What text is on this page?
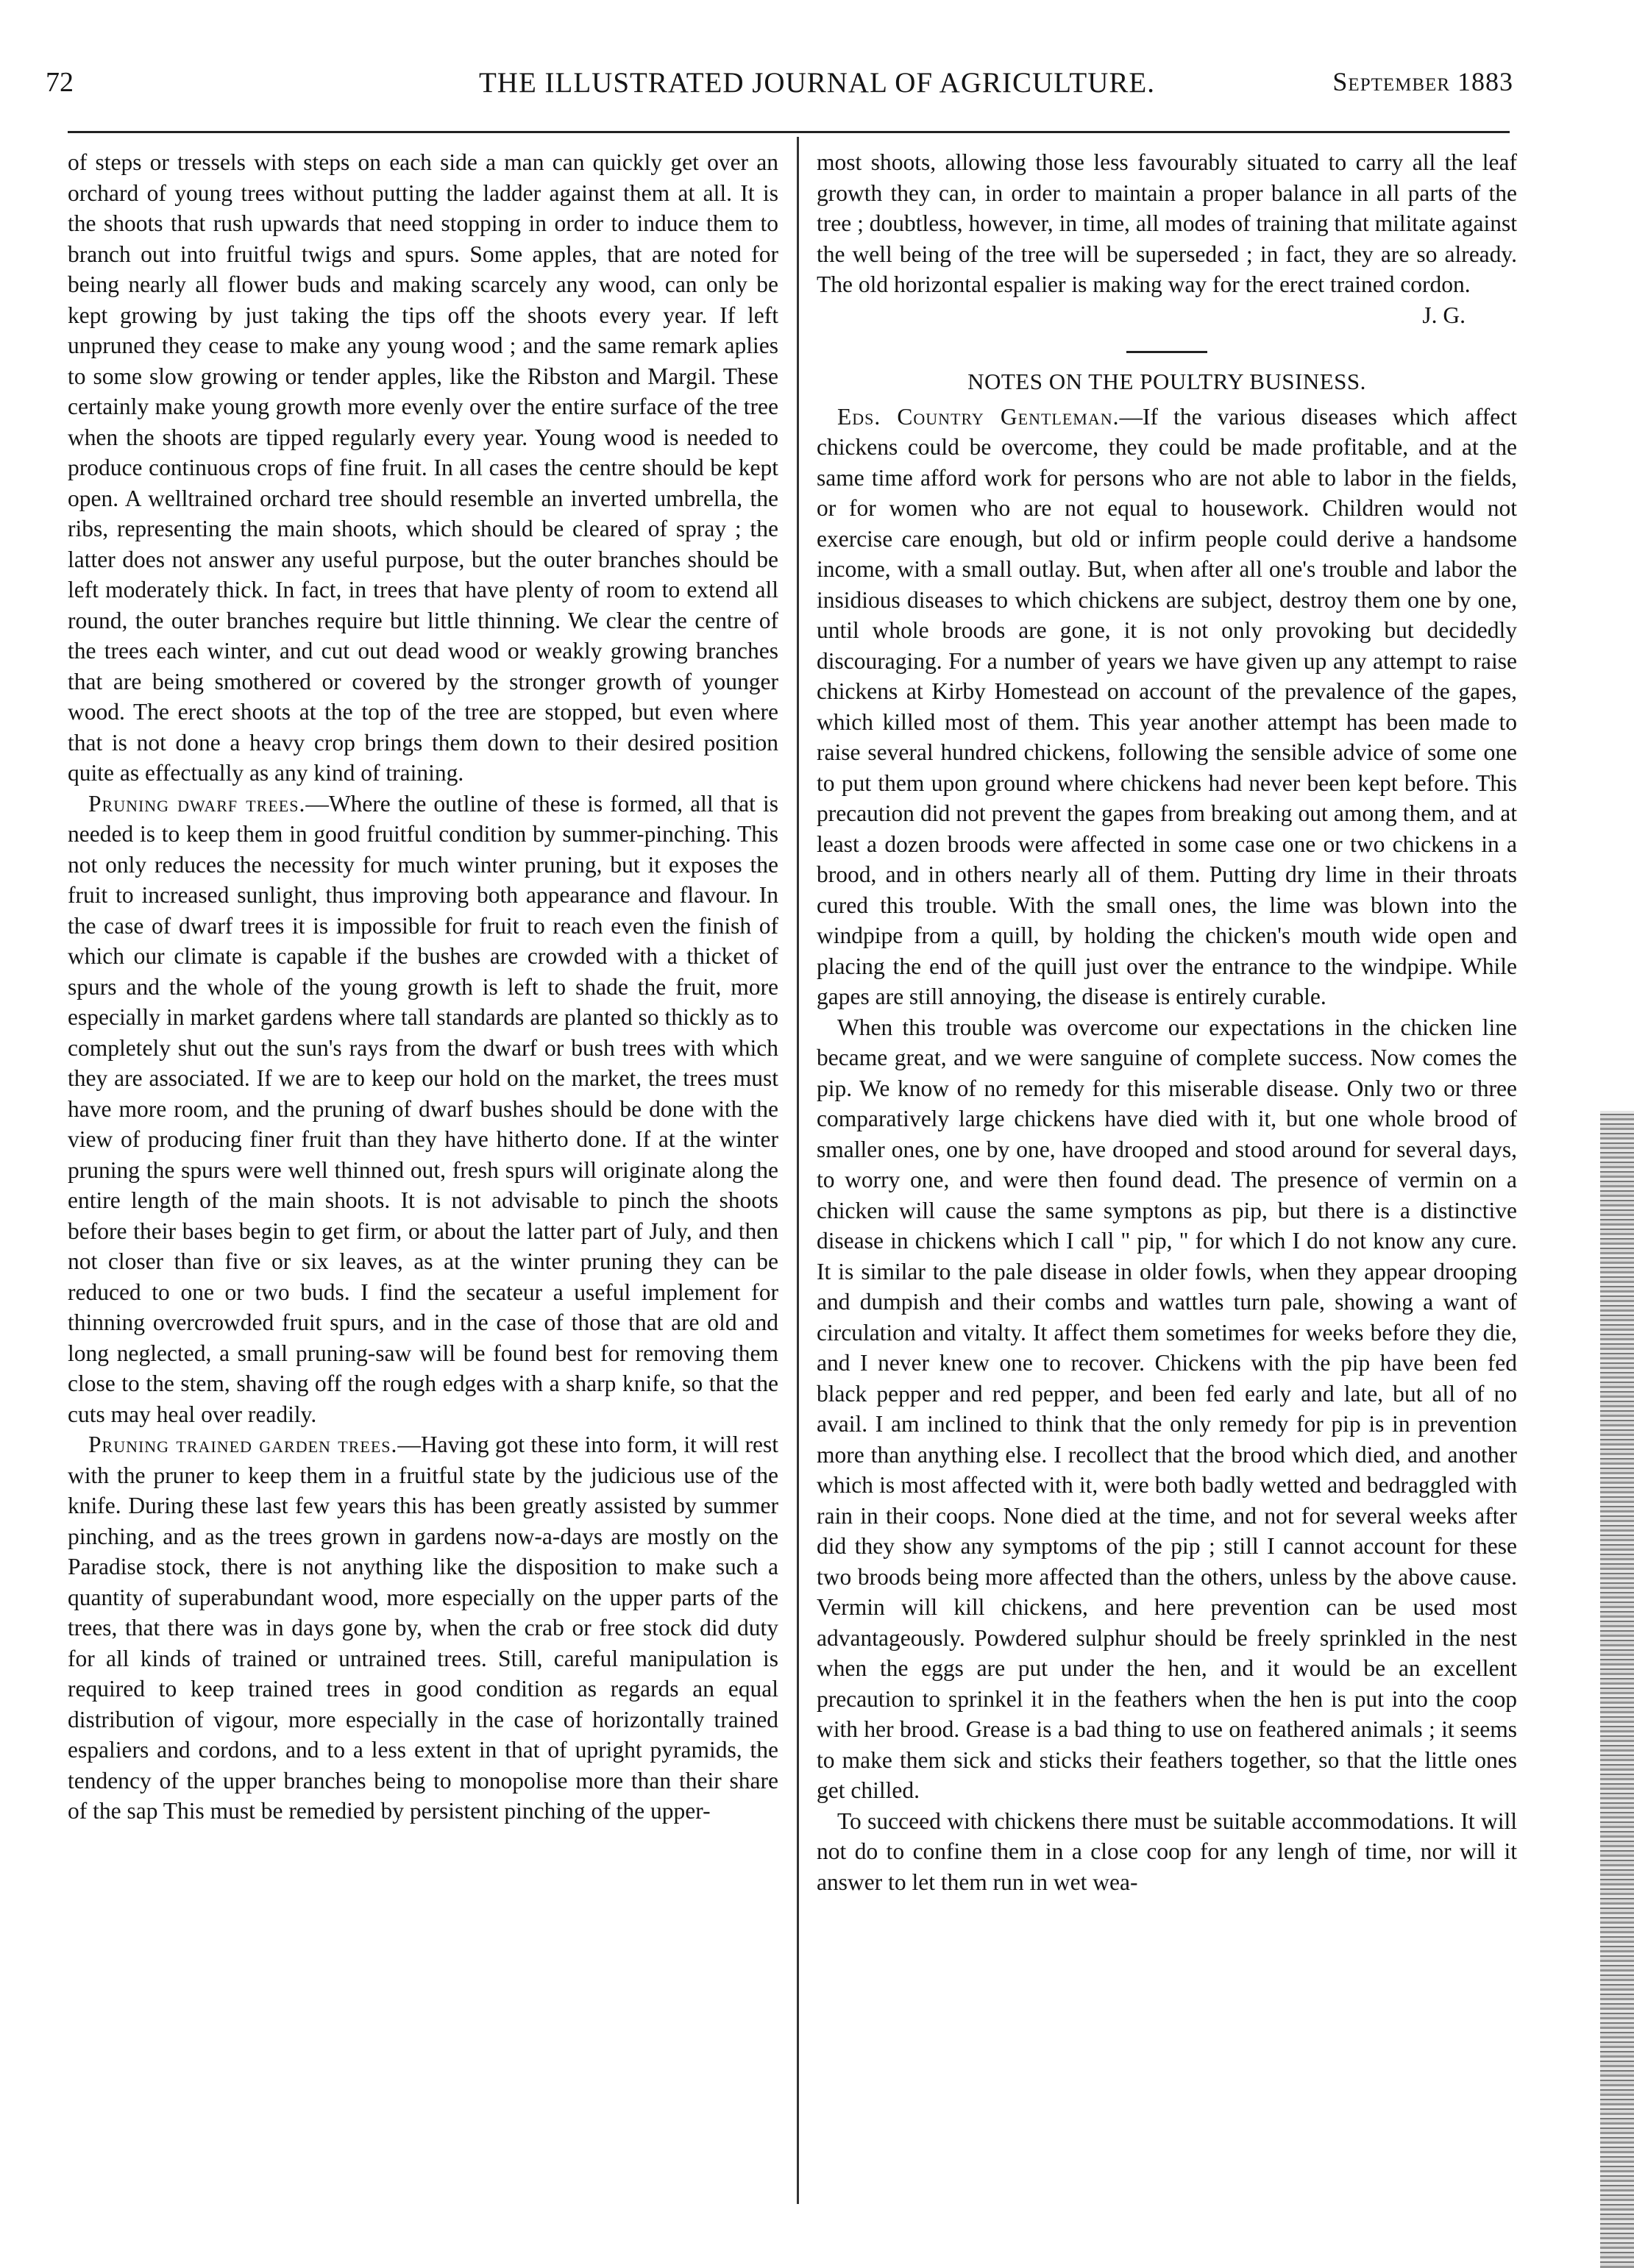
72	THE ILLUSTRATED JOURNAL OF AGRICULTURE.	September 1883

of steps or tressels with steps on each side a man can quickly get over an orchard of young trees without putting the ladder against them at all. It is the shoots that rush upwards that need stopping in order to induce them to branch out into fruitful twigs and spurs. Some apples, that are noted for being nearly all flower buds and making scarcely any wood, can only be kept growing by just taking the tips off the shoots every year. If left unpruned they cease to make any young wood ; and the same remark aplies to some slow growing or tender apples, like the Ribston and Margil. These certainly make young growth more evenly over the entire surface of the tree when the shoots are tipped regularly every year. Young wood is needed to produce continuous crops of fine fruit. In all cases the centre should be kept open. A welltrained orchard tree should resemble an inverted umbrella, the ribs, representing the main shoots, which should be cleared of spray ; the latter does not answer any useful purpose, but the outer branches should be left moderately thick. In fact, in trees that have plenty of room to extend all round, the outer branches require but little thinning. We clear the centre of the trees each winter, and cut out dead wood or weakly growing branches that are being smothered or covered by the stronger growth of younger wood. The erect shoots at the top of the tree are stopped, but even where that is not done a heavy crop brings them down to their desired position quite as effectually as any kind of training.

Pruning dwarf trees.—Where the outline of these is formed, all that is needed is to keep them in good fruitful condition by summer-pinching. This not only reduces the necessity for much winter pruning, but it exposes the fruit to increased sunlight, thus improving both appearance and flavour. In the case of dwarf trees it is impossible for fruit to reach even the finish of which our climate is capable if the bushes are crowded with a thicket of spurs and the whole of the young growth is left to shade the fruit, more especially in market gardens where tall standards are planted so thickly as to completely shut out the sun's rays from the dwarf or bush trees with which they are associated. If we are to keep our hold on the market, the trees must have more room, and the pruning of dwarf bushes should be done with the view of producing finer fruit than they have hitherto done. If at the winter pruning the spurs were well thinned out, fresh spurs will originate along the entire length of the main shoots. It is not advisable to pinch the shoots before their bases begin to get firm, or about the latter part of July, and then not closer than five or six leaves, as at the winter pruning they can be reduced to one or two buds. I find the secateur a useful implement for thinning overcrowded fruit spurs, and in the case of those that are old and long neglected, a small pruning-saw will be found best for removing them close to the stem, shaving off the rough edges with a sharp knife, so that the cuts may heal over readily.

Pruning trained garden trees.—Having got these into form, it will rest with the pruner to keep them in a fruitful state by the judicious use of the knife. During these last few years this has been greatly assisted by summer pinching, and as the trees grown in gardens now-a-days are mostly on the Paradise stock, there is not anything like the disposition to make such a quantity of superabundant wood, more especially on the upper parts of the trees, that there was in days gone by, when the crab or free stock did duty for all kinds of trained or untrained trees. Still, careful manipulation is required to keep trained trees in good condition as regards an equal distribution of vigour, more especially in the case of horizontally trained espaliers and cordons, and to a less extent in that of upright pyramids, the tendency of the upper branches being to monopolise more than their share of the sap This must be remedied by persistent pinching of the upper-

most shoots, allowing those less favourably situated to carry all the leaf growth they can, in order to maintain a proper balance in all parts of the tree ; doubtless, however, in time, all modes of training that militate against the well being of the tree will be superseded ; in fact, they are so already. The old horizontal espalier is making way for the erect trained cordon.

J. G.

NOTES ON THE POULTRY BUSINESS.

Eds. Country Gentleman.—If the various diseases which affect chickens could be overcome, they could be made profitable, and at the same time afford work for persons who are not able to labor in the fields, or for women who are not equal to housework. Children would not exercise care enough, but old or infirm people could derive a handsome income, with a small outlay. But, when after all one's trouble and labor the insidious diseases to which chickens are subject, destroy them one by one, until whole broods are gone, it is not only provoking but decidedly discouraging. For a number of years we have given up any attempt to raise chickens at Kirby Homestead on account of the prevalence of the gapes, which killed most of them. This year another attempt has been made to raise several hundred chickens, following the sensible advice of some one to put them upon ground where chickens had never been kept before. This precaution did not prevent the gapes from breaking out among them, and at least a dozen broods were affected in some case one or two chickens in a brood, and in others nearly all of them. Putting dry lime in their throats cured this trouble. With the small ones, the lime was blown into the windpipe from a quill, by holding the chicken's mouth wide open and placing the end of the quill just over the entrance to the windpipe. While gapes are still annoying, the disease is entirely curable.

When this trouble was overcome our expectations in the chicken line became great, and we were sanguine of complete success. Now comes the pip. We know of no remedy for this miserable disease. Only two or three comparatively large chickens have died with it, but one whole brood of smaller ones, one by one, have drooped and stood around for several days, to worry one, and were then found dead. The presence of vermin on a chicken will cause the same symptons as pip, but there is a distinctive disease in chickens which I call " pip, " for which I do not know any cure. It is similar to the pale disease in older fowls, when they appear drooping and dumpish and their combs and wattles turn pale, showing a want of circulation and vitalty. It affect them sometimes for weeks before they die, and I never knew one to recover. Chickens with the pip have been fed black pepper and red pepper, and been fed early and late, but all of no avail. I am inclined to think that the only remedy for pip is in prevention more than anything else. I recollect that the brood which died, and another which is most affected with it, were both badly wetted and bedraggled with rain in their coops. None died at the time, and not for several weeks after did they show any symptoms of the pip ; still I cannot account for these two broods being more affected than the others, unless by the above cause. Vermin will kill chickens, and here prevention can be used most advantageously. Powdered sulphur should be freely sprinkled in the nest when the eggs are put under the hen, and it would be an excellent precaution to sprinkel it in the feathers when the hen is put into the coop with her brood. Grease is a bad thing to use on feathered animals ; it seems to make them sick and sticks their feathers together, so that the little ones get chilled.

To succeed with chickens there must be suitable accommodations. It will not do to confine them in a close coop for any lengh of time, nor will it answer to let them run in wet wea-
